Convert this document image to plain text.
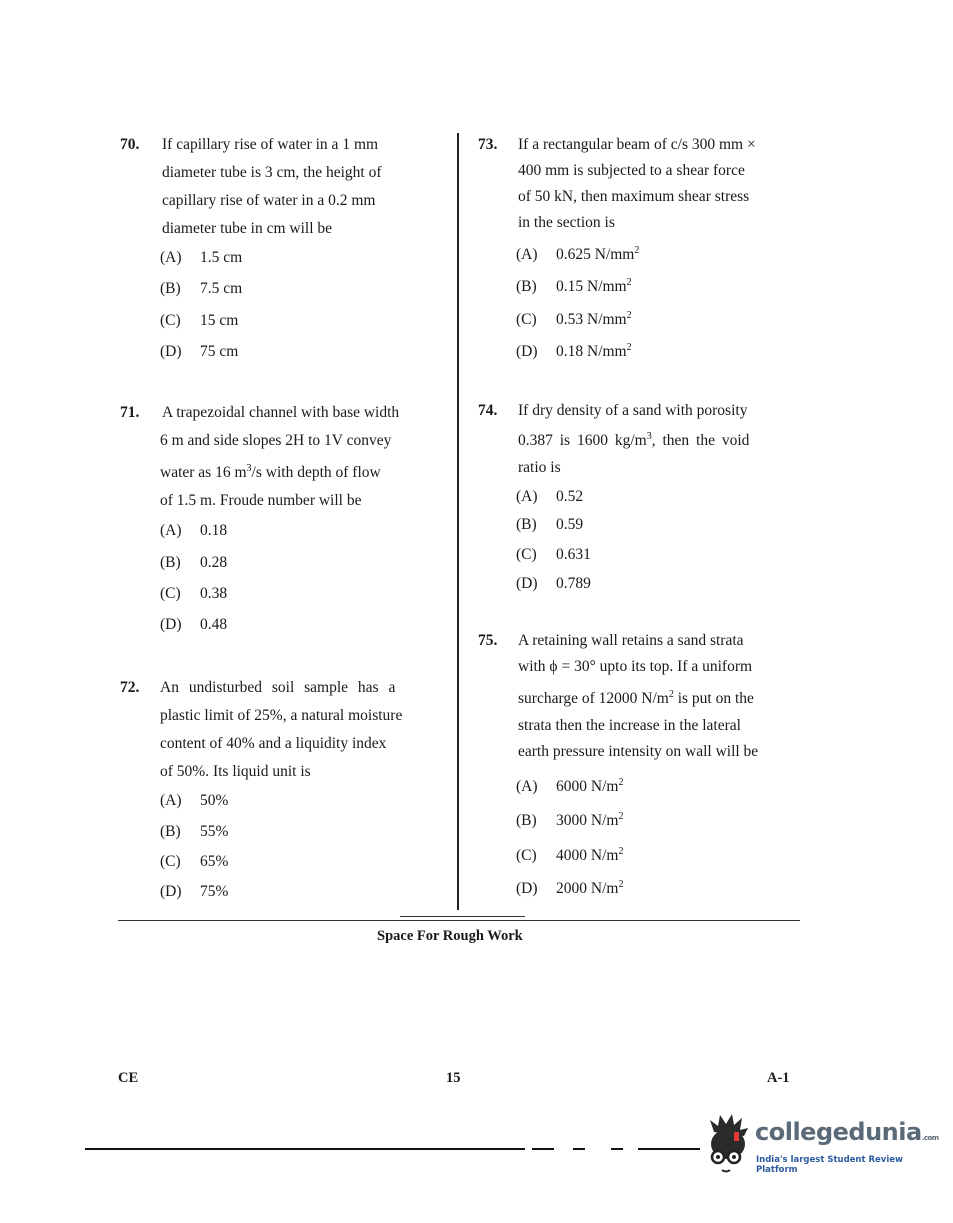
70. If capillary rise of water in a 1 mm
diameter tube is 3 cm, the height of
capillary rise of water in a 0.2 mm
diameter tube in cm will be
(A) 1.5 cm
(B) 7.5 cm
(C) 15 cm
(D) 75 cm
71. A trapezoidal channel with base width
6 m and side slopes 2H to 1V convey
water as 16 $m^3/s$ with depth of flow
of 1.5 m. Froude number will be
(A) 0.18
(B) 0.28
(C) 0.38
(D) 0.48
72. An undisturbed soil sample has a
plastic limit of 25%, a natural moisture
content of 40% and a liquidity index
of 50%. Its liquid unit is
(A) 50%
(B) 55%
(C) 65%
(D) 75%
73. If a rectangular beam of c/s 300 mm ×
400 mm is subjected to a shear force
of 50 kN, then maximum shear stress
in the section is
(A) 0.625 $N/mm^2$
(B) 0.15 $N/mm^2$
(C) 0.53 $N/mm^2$
(D) 0.18 $N/mm^2$
74. If dry density of a sand with porosity
0.387 is 1600 $kg/m^3$, then the void
ratio is
(A) 0.52
(B) 0.59
(C) 0.631
(D) 0.789
75. A retaining wall retains a sand strata
with ϕ = 30° upto its top. If a uniform
surcharge of 12000 $N/m^2$ is put on the
strata then the increase in the lateral
earth pressure intensity on wall will be
(A) 6000 $N/m^2$
(B) 3000 $N/m^2$
(C) 4000 $N/m^2$
(D) 2000 $N/m^2$
Space For Rough Work
CE	15	A-1
collegedunia.com
India's largest Student Review Platform
